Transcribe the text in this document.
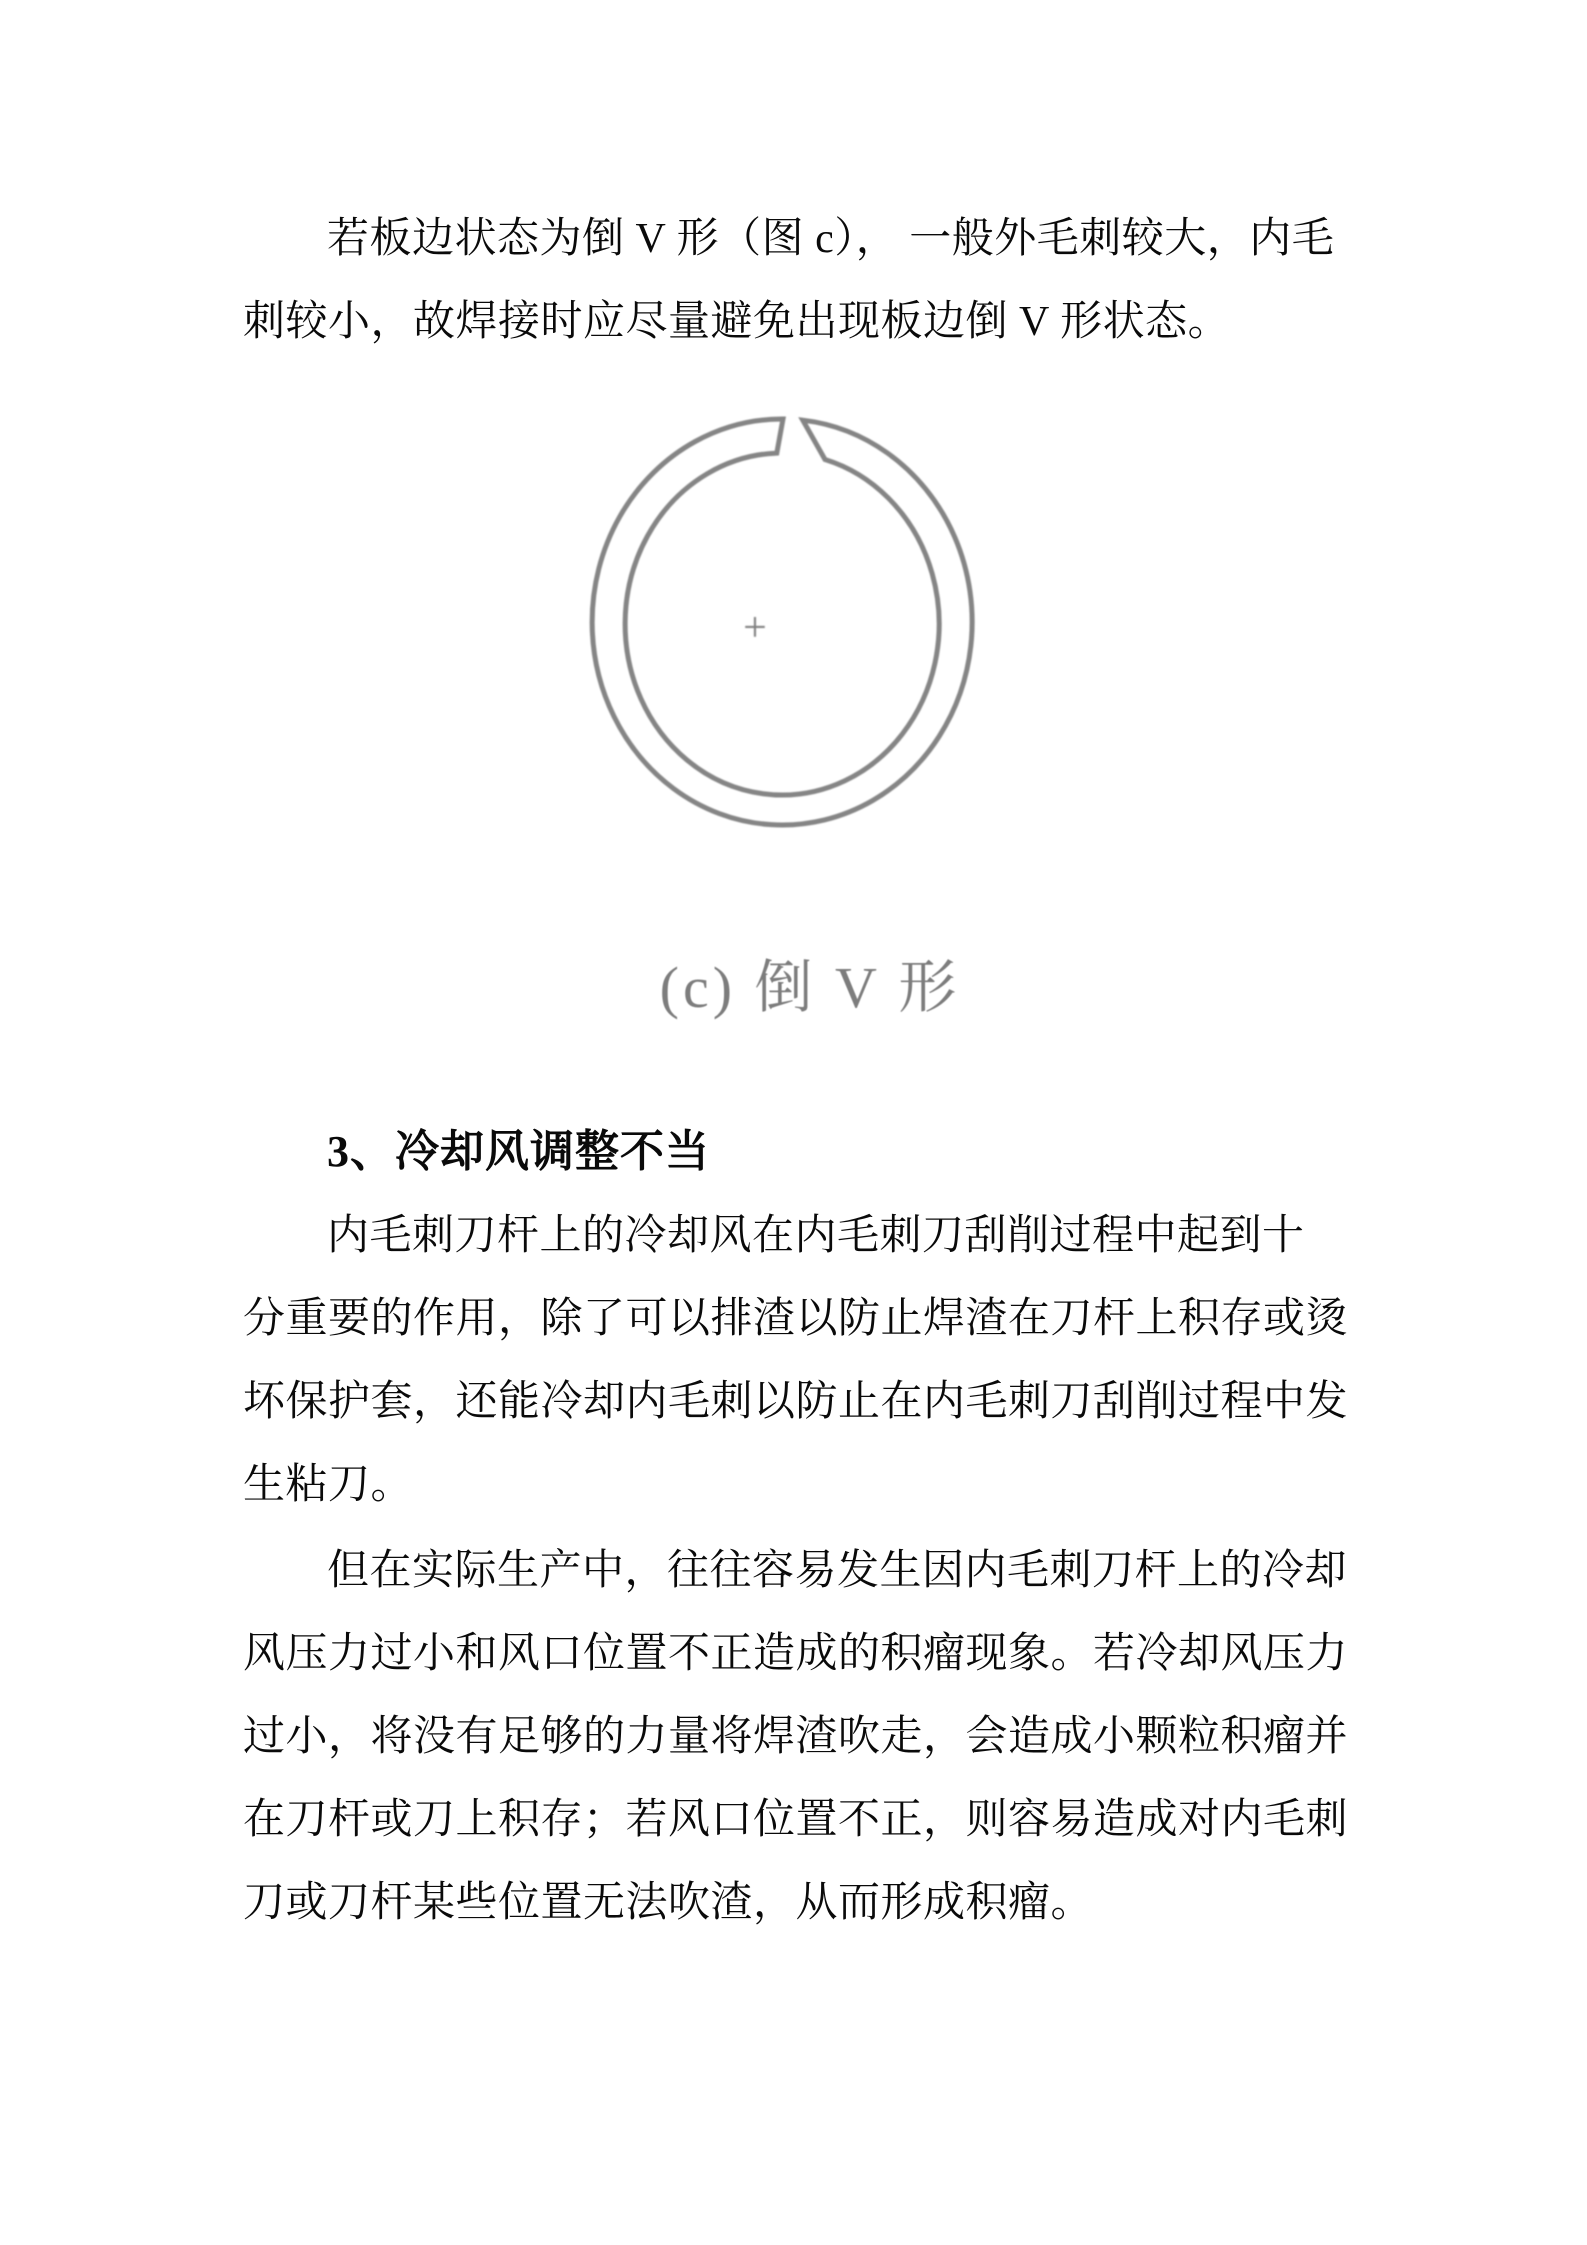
若板边状态为倒 V 形（图 c）， 一般外毛刺较大，内毛
刺较小，故焊接时应尽量避免出现板边倒 V 形状态。
+
(c) 倒 V 形
3、冷却风调整不当
内毛刺刀杆上的冷却风在内毛刺刀刮削过程中起到十
分重要的作用，除了可以排渣以防止焊渣在刀杆上积存或烫
坏保护套，还能冷却内毛刺以防止在内毛刺刀刮削过程中发
生粘刀。
但在实际生产中，往往容易发生因内毛刺刀杆上的冷却
风压力过小和风口位置不正造成的积瘤现象。若冷却风压力
过小，将没有足够的力量将焊渣吹走，会造成小颗粒积瘤并
在刀杆或刀上积存；若风口位置不正，则容易造成对内毛刺
刀或刀杆某些位置无法吹渣，从而形成积瘤。
